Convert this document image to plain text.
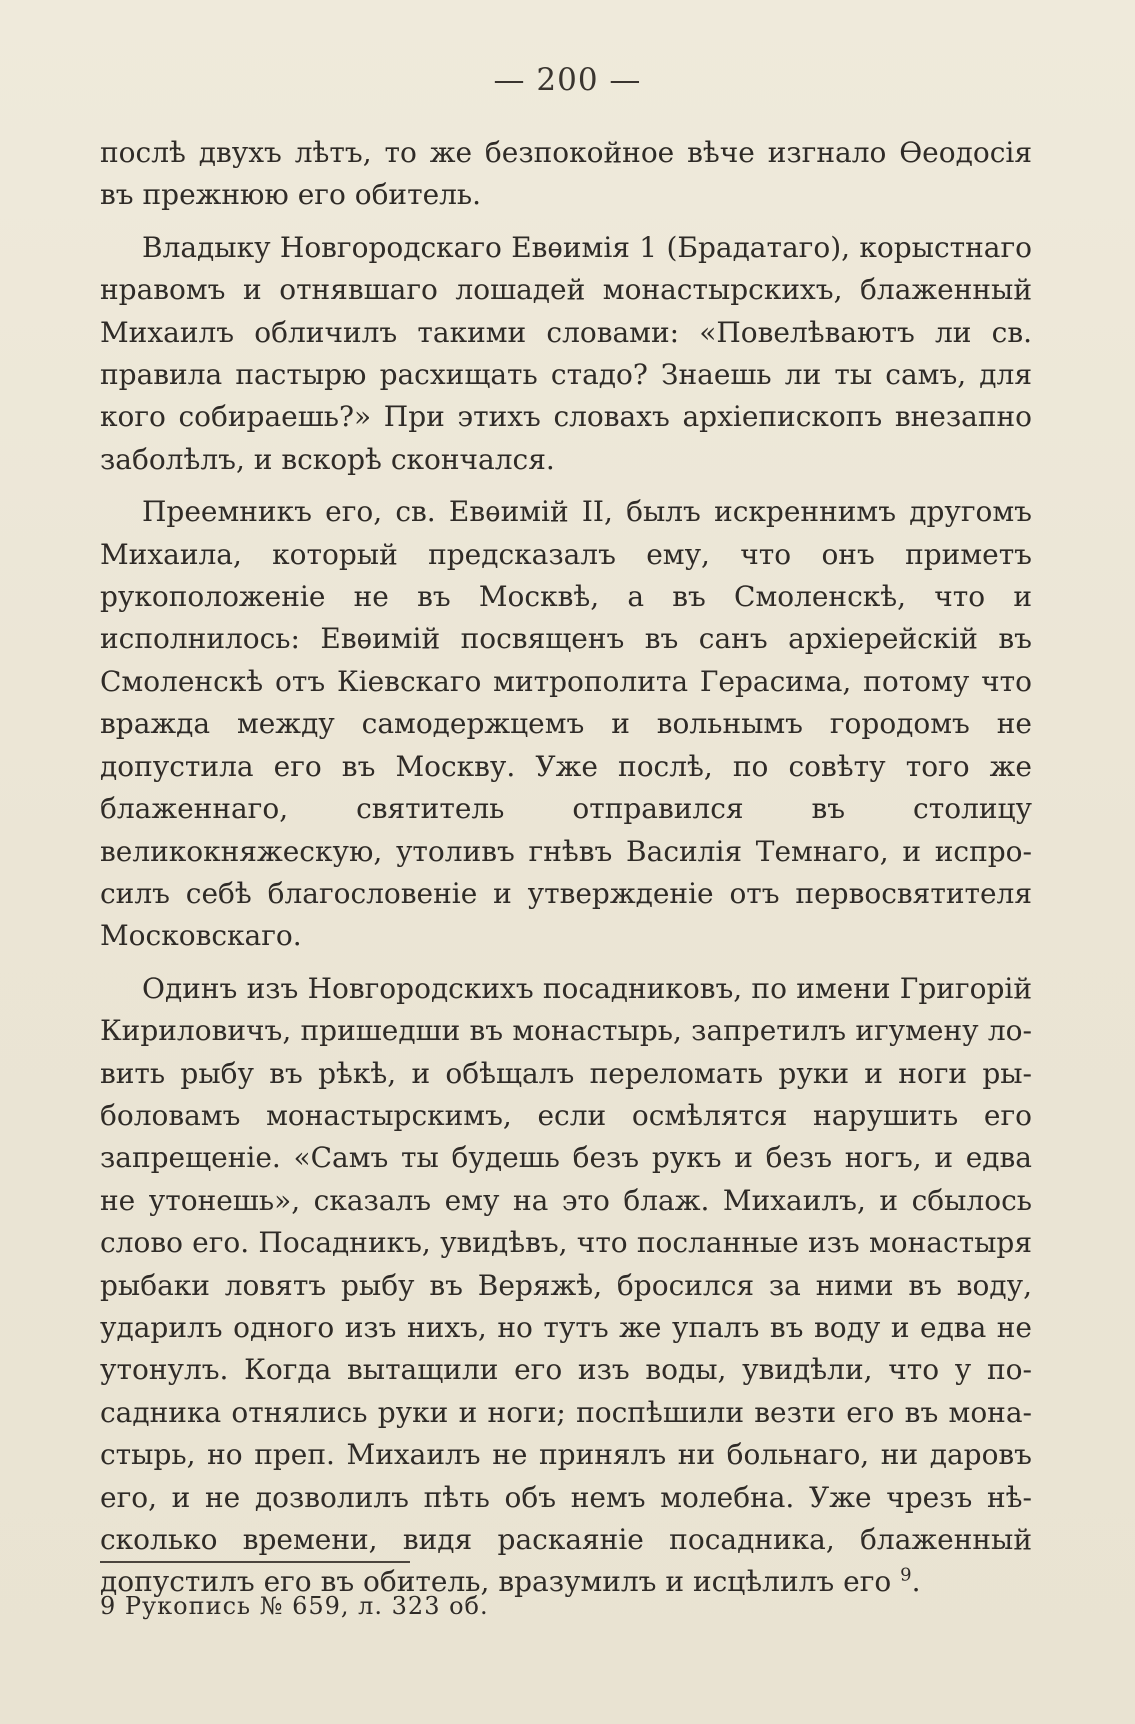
— 200 —

послѣ двухъ лѣтъ, то же безпокойное вѣче изгнало Ѳеодосія въ прежнюю его обитель.

Владыку Новгородскаго Евѳимія 1 (Брадатаго), корыстнаго нравомъ и отнявшаго лошадей монастырскихъ, блаженный Михаилъ обличилъ такими словами: «Повелѣваютъ ли св. правила пастырю расхищать стадо? Знаешь ли ты самъ, для кого собираешь?» При этихъ словахъ архіепископъ внезапно заболѣлъ, и вскорѣ скончался.

Преемникъ его, св. Евѳимій II, былъ искреннимъ другомъ Михаила, который предсказалъ ему, что онъ приметъ рукоположеніе не въ Москвѣ, а въ Смоленскѣ, что и исполнилось: Евѳимій посвященъ въ санъ архіерейскій въ Смоленскѣ отъ Кіевскаго митрополита Герасима, потому что вражда между самодержцемъ и вольнымъ городомъ не допустила его въ Москву. Уже послѣ, по совѣту того же блаженнаго, святитель отправился въ столицу великокняжескую, утоливъ гнѣвъ Василія Темнаго, и испросилъ себѣ благословеніе и утвержденіе отъ первосвятителя Московскаго.

Одинъ изъ Новгородскихъ посадниковъ, по имени Григорій Кириловичъ, пришедши въ монастырь, запретилъ игумену ловить рыбу въ рѣкѣ, и обѣщалъ переломать руки и ноги рыболовамъ монастырскимъ, если осмѣлятся нарушить его запрещеніе. «Самъ ты будешь безъ рукъ и безъ ногъ, и едва не утонешь», сказалъ ему на это блаж. Михаилъ, и сбылось слово его. Посадникъ, увидѣвъ, что посланные изъ монастыря рыбаки ловятъ рыбу въ Веряжѣ, бросился за ними въ воду, ударилъ одного изъ нихъ, но тутъ же упалъ въ воду и едва не утонулъ. Когда вытащили его изъ воды, увидѣли, что у посадника отнялись руки и ноги; поспѣшили везти его въ монастырь, но преп. Михаилъ не принялъ ни больнаго, ни даровъ его, и не дозволилъ пѣть объ немъ молебна. Уже чрезъ нѣсколько времени, видя раскаяніе посадника, блаженный допустилъ его въ обитель, вразумилъ и исцѣлилъ его $^9$.

9 Рукопись № 659, л. 323 об.
